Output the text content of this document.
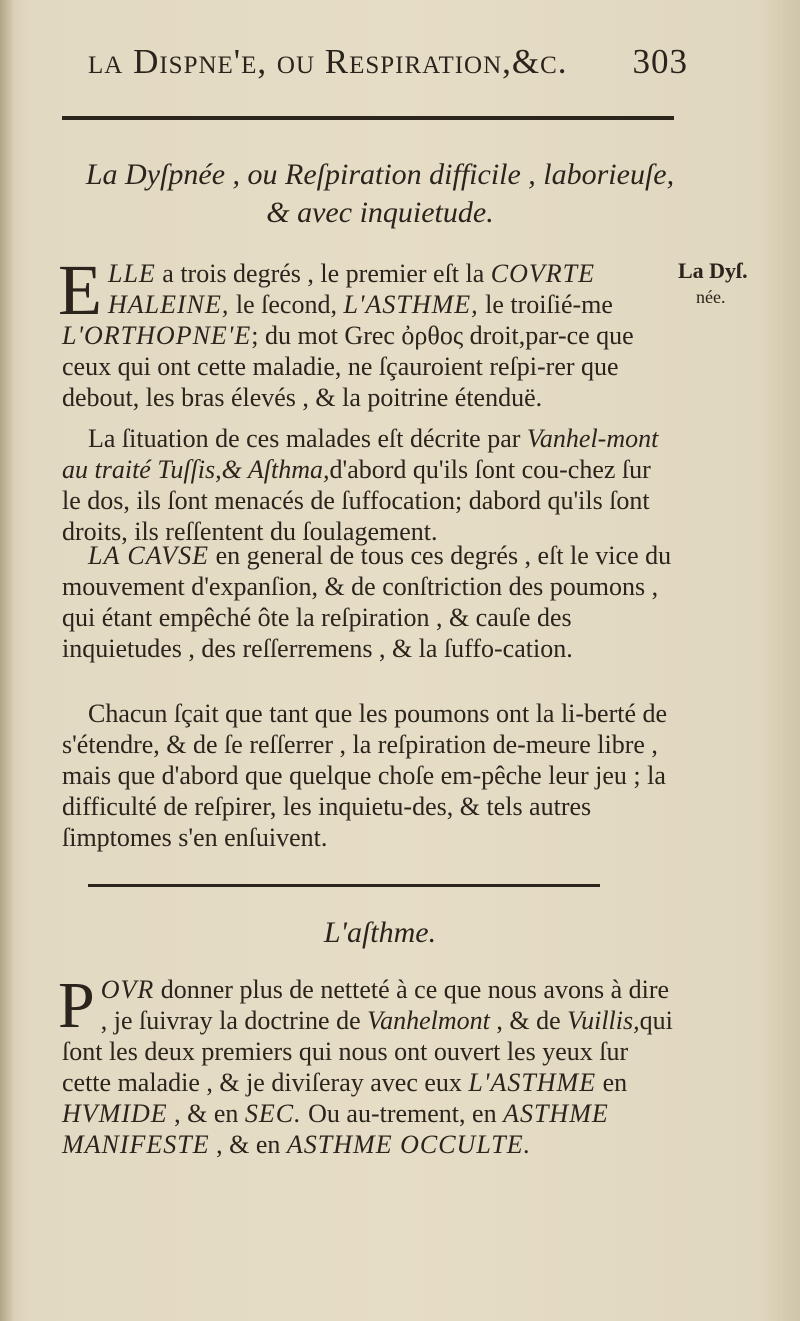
la Dispne'e, ou Respiration,&c. 303
La Dyſpnée , ou Reſpiration difficile , laborieuſe,
& avec inquietude.
La Dyſ.
née.
E LLE a trois degrés , le premier eſt la COVRTE HALEINE, le ſecond, L'ASTHME, le troiſié-me L'ORTHOPNE'E; du mot Grec ὀρθος droit,par-ce que ceux qui ont cette maladie, ne ſçauroient reſpi-rer que debout, les bras élevés , & la poitrine étenduë.
La ſituation de ces malades eſt décrite par Vanhel-mont au traité Tuſſis,& Aſthma,d'abord qu'ils ſont cou-chez ſur le dos, ils ſont menacés de ſuffocation; dabord qu'ils ſont droits, ils reſſentent du ſoulagement.
LA CAVSE en general de tous ces degrés , eſt le vice du mouvement d'expanſion, & de conſtriction des poumons , qui étant empêché ôte la reſpiration , & cauſe des inquietudes , des reſſerremens , & la ſuffo-cation.
Chacun ſçait que tant que les poumons ont la li-berté de s'étendre, & de ſe reſſerrer , la reſpiration de-meure libre , mais que d'abord que quelque choſe em-pêche leur jeu ; la difficulté de reſpirer, les inquietu-des, & tels autres ſimptomes s'en enſuivent.
L'aſthme.
P OVR donner plus de netteté à ce que nous avons à dire , je ſuivray la doctrine de Vanhelmont , & de Vuillis,qui ſont les deux premiers qui nous ont ouvert les yeux ſur cette maladie , & je diviſeray avec eux L'ASTHME en HVMIDE , & en SEC. Ou au-trement, en ASTHME MANIFESTE , & en ASTHME OCCULTE.
